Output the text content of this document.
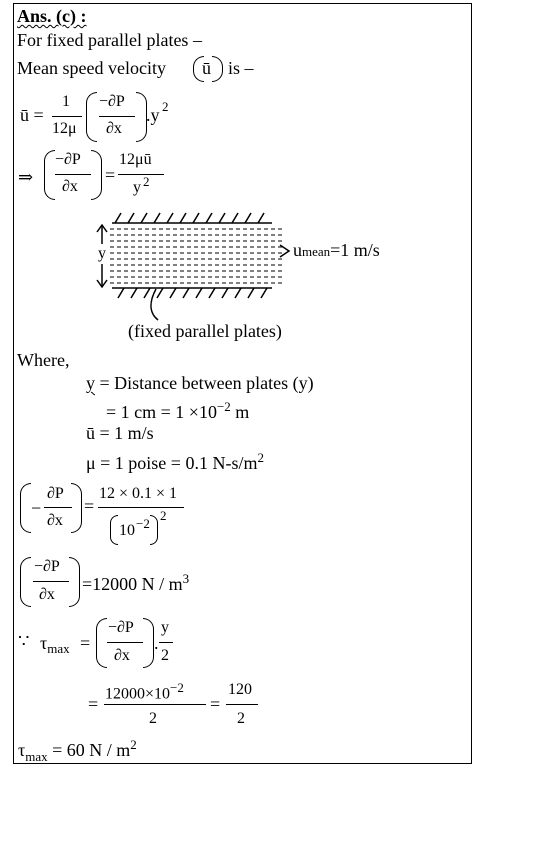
Ans. (c) :
For fixed parallel plates –
Mean speed velocity ū is –
ū =
1
12μ
−∂P
∂x
.y 2
⇒
−∂P
∂x
=
12μū
y 2
y	umean=1 m/s
(fixed parallel plates)
Where,
y = Distance between plates (y)
= 1 cm = $1 \times 10^{-2}$ m
ū = 1 m/s
μ = 1 poise = 0.1 $N-s/m^2$
−
∂P
∂x
=
12 × 0.1 × 1
10 −2
2
−∂P
∂x
=12000 N / $m^3$
∵ $\tau_{max}$ =
−∂P
∂x
.
y
2
=
$12000\times 10^{-2}$
2
=
120
2
$\tau_{max} = 60$ N / $m^2$
